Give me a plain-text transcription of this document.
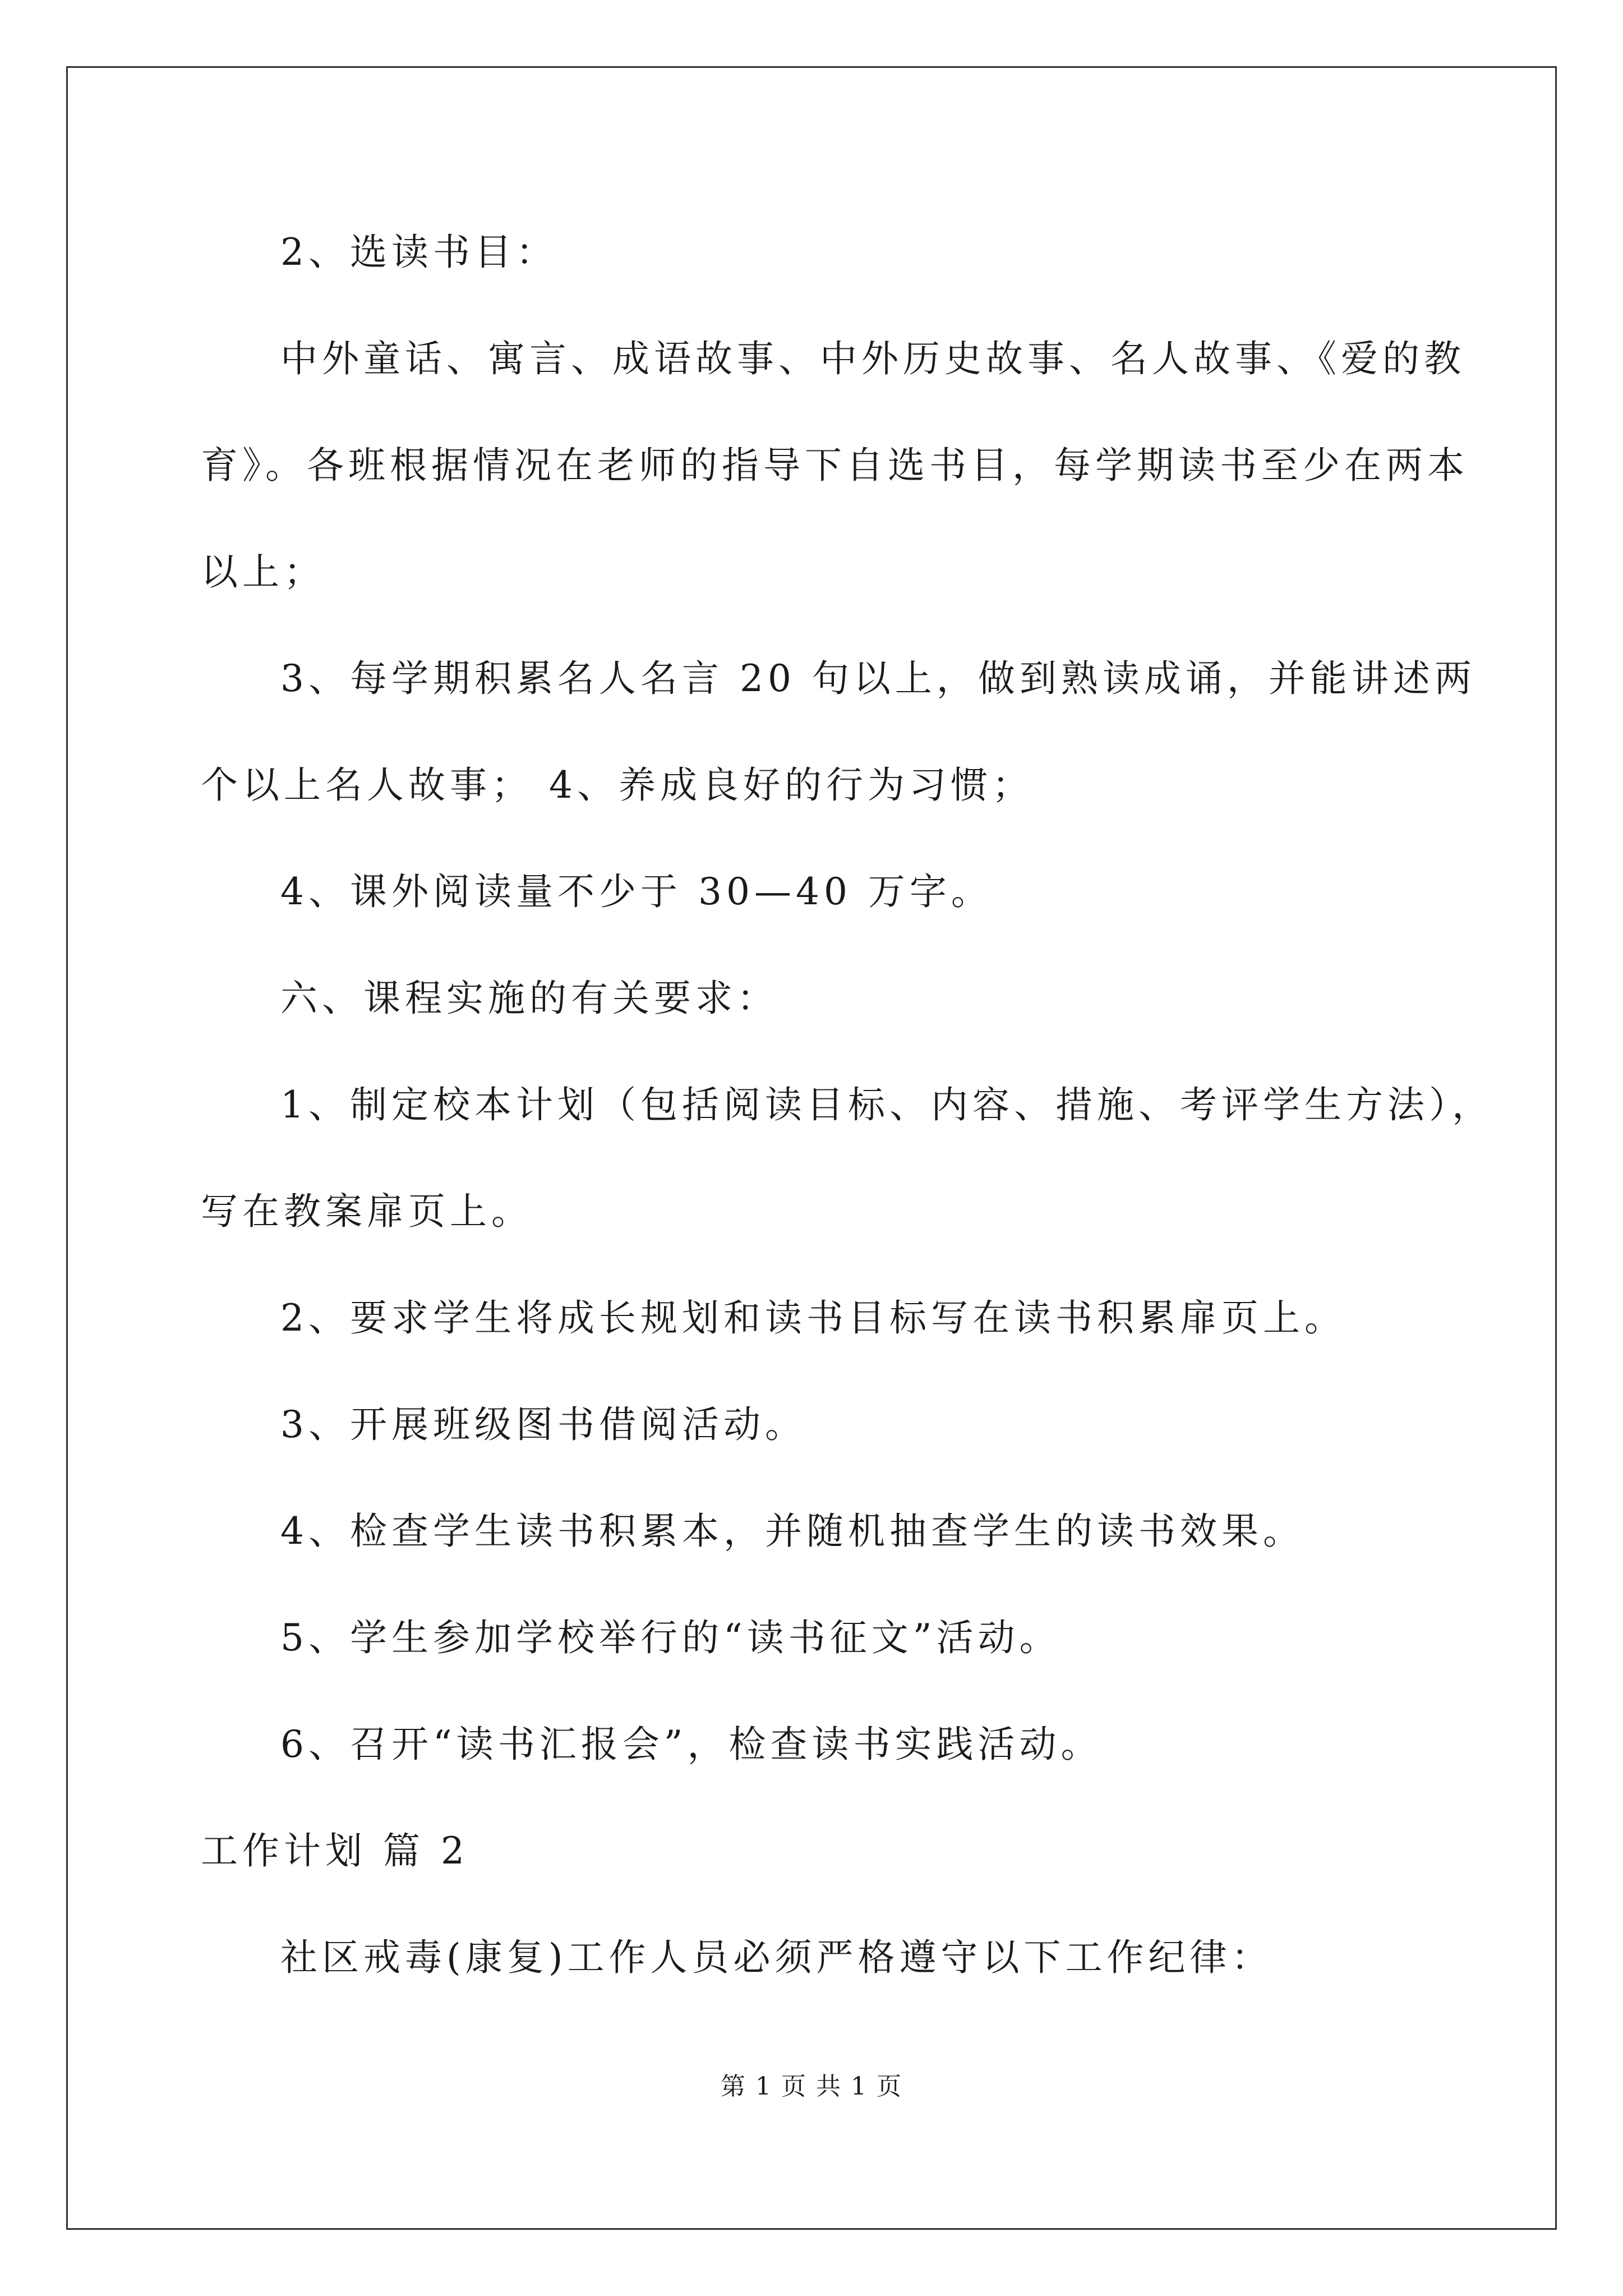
2、选读书目：
中外童话、寓言、成语故事、中外历史故事、名人故事、《爱的教
育》。各班根据情况在老师的指导下自选书目，每学期读书至少在两本
以上；
3、每学期积累名人名言 20 句以上，做到熟读成诵，并能讲述两
个以上名人故事； 4、养成良好的行为习惯；
4、课外阅读量不少于 30—40 万字。
六、课程实施的有关要求：
1、制定校本计划（包括阅读目标、内容、措施、考评学生方法），
写在教案扉页上。
2、要求学生将成长规划和读书目标写在读书积累扉页上。
3、开展班级图书借阅活动。
4、检查学生读书积累本，并随机抽查学生的读书效果。
5、学生参加学校举行的“读书征文”活动。
6、召开“读书汇报会”，检查读书实践活动。
工作计划 篇 2
社区戒毒(康复)工作人员必须严格遵守以下工作纪律：
第 1 页 共 1 页
